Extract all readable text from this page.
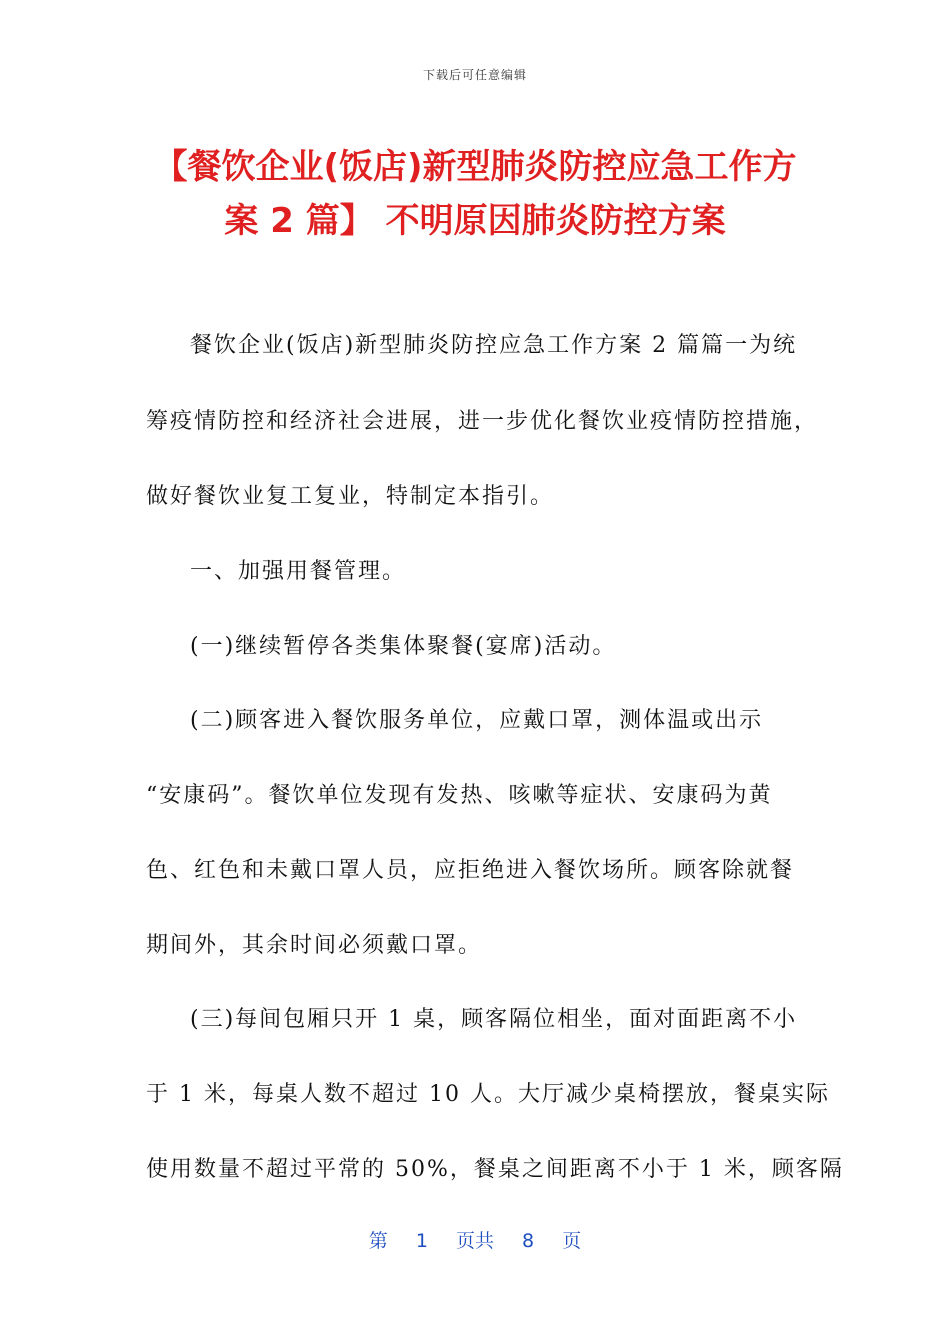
下载后可任意编辑
【餐饮企业(饭店)新型肺炎防控应急工作方
案 2 篇】 不明原因肺炎防控方案
餐饮企业(饭店)新型肺炎防控应急工作方案 2 篇篇一为统
筹疫情防控和经济社会进展，进一步优化餐饮业疫情防控措施，
做好餐饮业复工复业，特制定本指引。
一、加强用餐管理。
(一)继续暂停各类集体聚餐(宴席)活动。
(二)顾客进入餐饮服务单位，应戴口罩，测体温或出示
“安康码”。餐饮单位发现有发热、咳嗽等症状、安康码为黄
色、红色和未戴口罩人员，应拒绝进入餐饮场所。顾客除就餐
期间外，其余时间必须戴口罩。
(三)每间包厢只开 1 桌，顾客隔位相坐，面对面距离不小
于 1 米，每桌人数不超过 10 人。大厅减少桌椅摆放，餐桌实际
使用数量不超过平常的 50%，餐桌之间距离不小于 1 米，顾客隔
第 1 页共 8 页
